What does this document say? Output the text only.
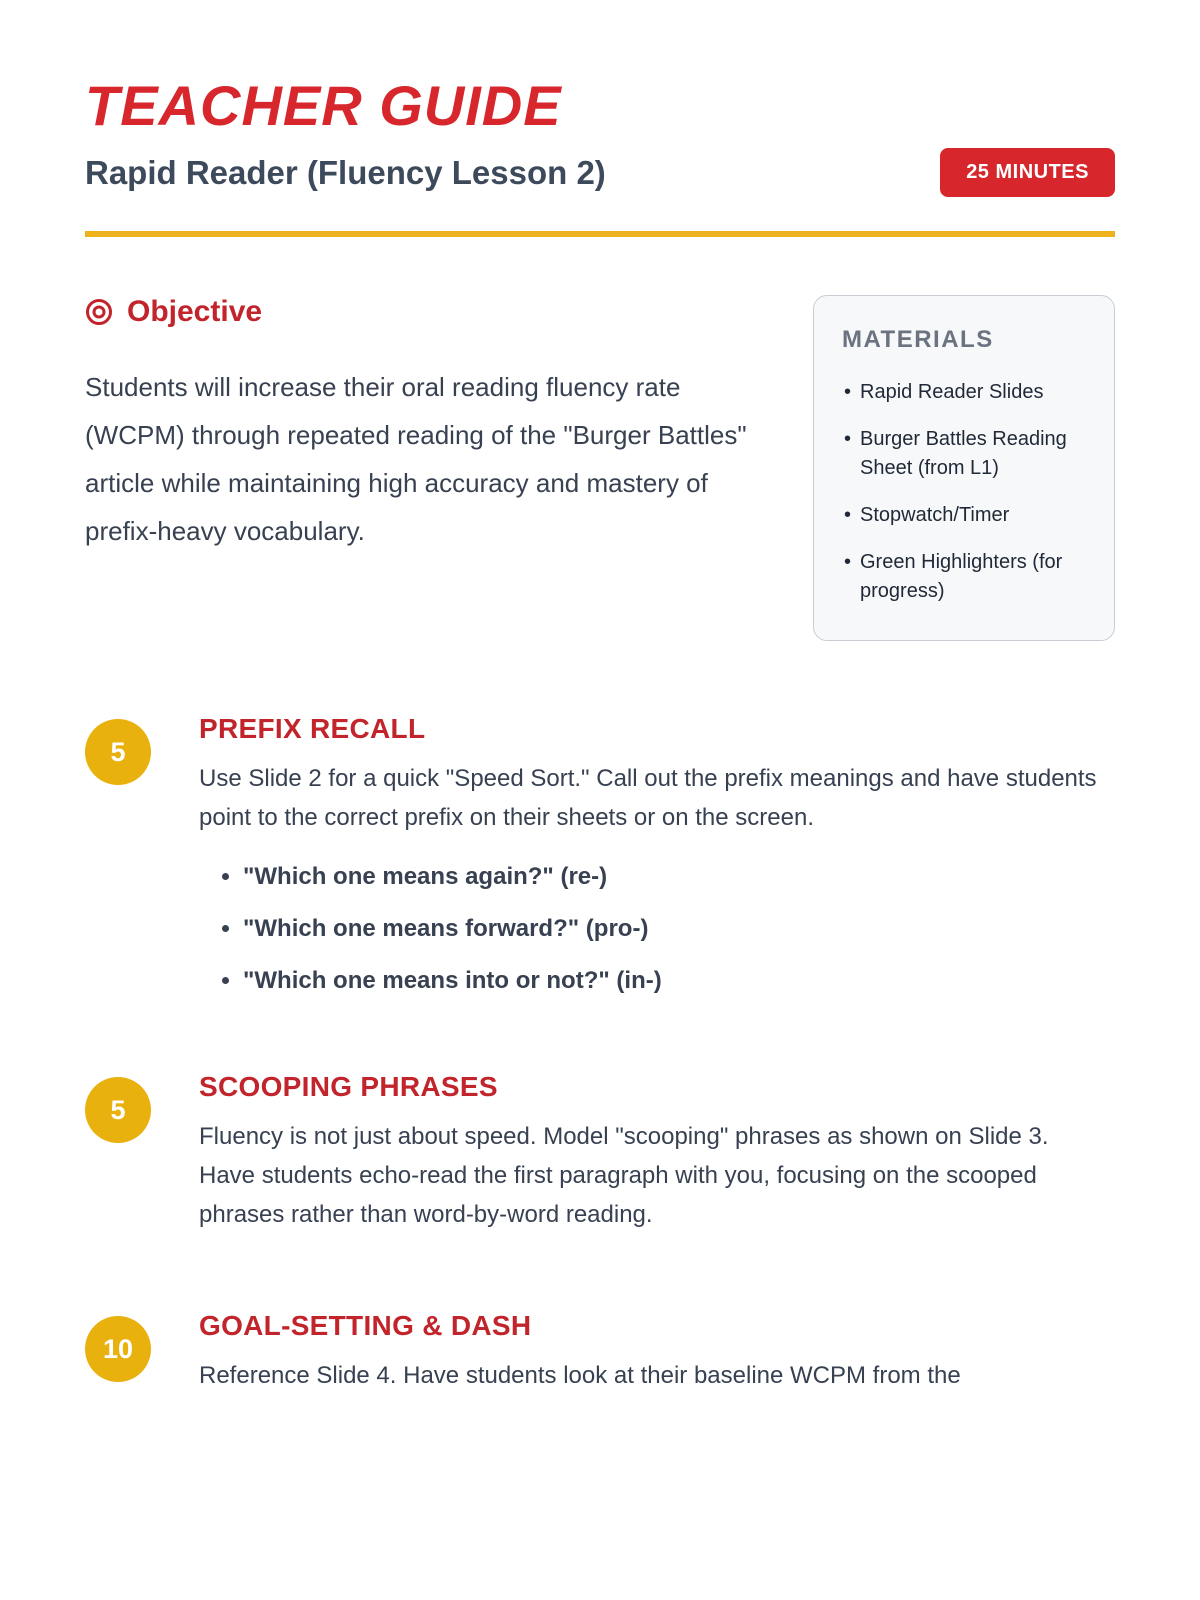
TEACHER GUIDE
Rapid Reader (Fluency Lesson 2)	25 MINUTES
Objective

Students will increase their oral reading fluency rate (WCPM) through repeated reading of the "Burger Battles" article while maintaining high accuracy and mastery of prefix-heavy vocabulary.

MATERIALS
• Rapid Reader Slides
• Burger Battles Reading Sheet (from L1)
• Stopwatch/Timer
• Green Highlighters (for progress)
5
PREFIX RECALL

Use Slide 2 for a quick "Speed Sort." Call out the prefix meanings and have students point to the correct prefix on their sheets or on the screen.

• "Which one means again?" (re-)
• "Which one means forward?" (pro-)
• "Which one means into or not?" (in-)
5
SCOOPING PHRASES

Fluency is not just about speed. Model "scooping" phrases as shown on Slide 3. Have students echo-read the first paragraph with you, focusing on the scooped phrases rather than word-by-word reading.

10
GOAL-SETTING & DASH

Reference Slide 4. Have students look at their baseline WCPM from the
